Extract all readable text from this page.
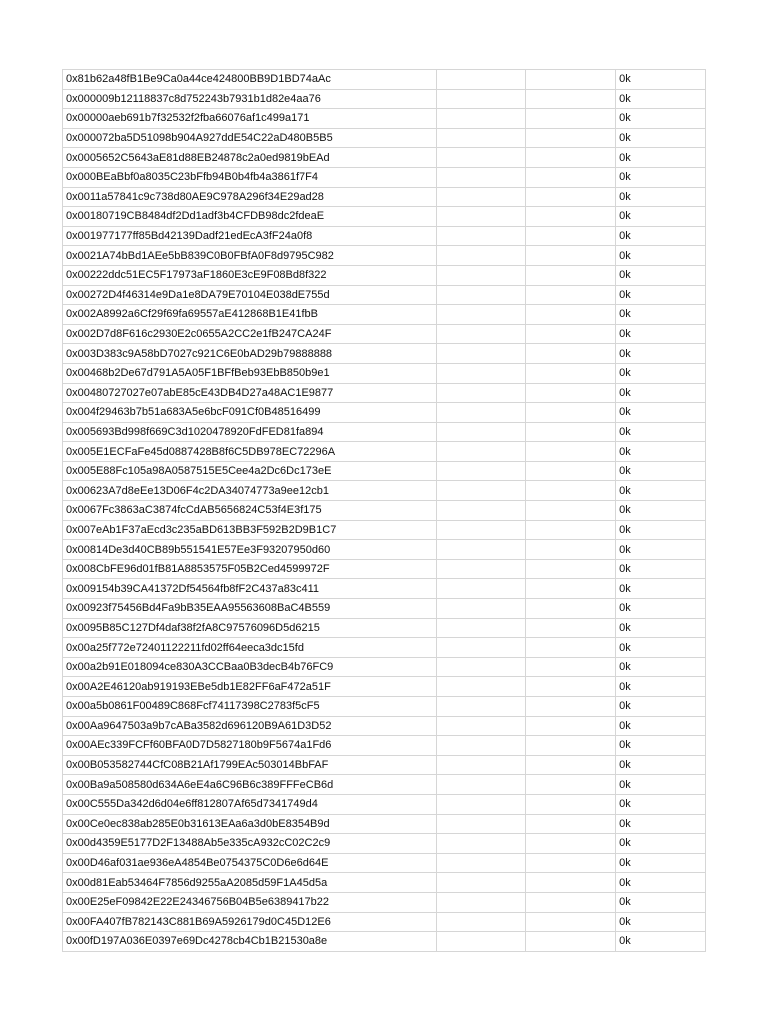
0x81b62a48fB1Be9Ca0a44ce424800BB9D1BD74aAc			0k
0x000009b12118837c8d752243b7931b1d82e4aa76			0k
0x00000aeb691b7f32532f2fba66076af1c499a171			0k
0x000072ba5D51098b904A927ddE54C22aD480B5B5			0k
0x0005652C5643aE81d88EB24878c2a0ed9819bEAd			0k
0x000BEaBbf0a8035C23bFfb94B0b4fb4a3861f7F4			0k
0x0011a57841c9c738d80AE9C978A296f34E29ad28			0k
0x00180719CB8484df2Dd1adf3b4CFDB98dc2fdeaE			0k
0x001977177ff85Bd42139Dadf21edEcA3fF24a0f8			0k
0x0021A74bBd1AEe5bB839C0B0FBfA0F8d9795C982			0k
0x00222ddc51EC5F17973aF1860E3cE9F08Bd8f322			0k
0x00272D4f46314e9Da1e8DA79E70104E038dE755d			0k
0x002A8992a6Cf29f69fa69557aE412868B1E41fbB			0k
0x002D7d8F616c2930E2c0655A2CC2e1fB247CA24F			0k
0x003D383c9A58bD7027c921C6E0bAD29b79888888			0k
0x00468b2De67d791A5A05F1BFfBeb93EbB850b9e1			0k
0x00480727027e07abE85cE43DB4D27a48AC1E9877			0k
0x004f29463b7b51a683A5e6bcF091Cf0B48516499			0k
0x005693Bd998f669C3d1020478920FdFED81fa894			0k
0x005E1ECFaFe45d0887428B8f6C5DB978EC72296A			0k
0x005E88Fc105a98A0587515E5Cee4a2Dc6Dc173eE			0k
0x00623A7d8eEe13D06F4c2DA34074773a9ee12cb1			0k
0x0067Fc3863aC3874fcCdAB5656824C53f4E3f175			0k
0x007eAb1F37aEcd3c235aBD613BB3F592B2D9B1C7			0k
0x00814De3d40CB89b551541E57Ee3F93207950d60			0k
0x008CbFE96d01fB81A8853575F05B2Ced4599972F			0k
0x009154b39CA41372Df54564fb8fF2C437a83c411			0k
0x00923f75456Bd4Fa9bB35EAA95563608BaC4B559			0k
0x0095B85C127Df4daf38f2fA8C97576096D5d6215			0k
0x00a25f772e72401122211fd02ff64eeca3dc15fd			0k
0x00a2b91E018094ce830A3CCBaa0B3decB4b76FC9			0k
0x00A2E46120ab919193EBe5db1E82FF6aF472a51F			0k
0x00a5b0861F00489C868Fcf74117398C2783f5cF5			0k
0x00Aa9647503a9b7cABa3582d696120B9A61D3D52			0k
0x00AEc339FCFf60BFA0D7D5827180b9F5674a1Fd6			0k
0x00B053582744CfC08B21Af1799EAc503014BbFAF			0k
0x00Ba9a508580d634A6eE4a6C96B6c389FFFeCB6d			0k
0x00C555Da342d6d04e6ff812807Af65d7341749d4			0k
0x00Ce0ec838ab285E0b31613EAa6a3d0bE8354B9d			0k
0x00d4359E5177D2F13488Ab5e335cA932cC02C2c9			0k
0x00D46af031ae936eA4854Be0754375C0D6e6d64E			0k
0x00d81Eab53464F7856d9255aA2085d59F1A45d5a			0k
0x00E25eF09842E22E24346756B04B5e6389417b22			0k
0x00FA407fB782143C881B69A5926179d0C45D12E6			0k
0x00fD197A036E0397e69Dc4278cb4Cb1B21530a8e			0k
